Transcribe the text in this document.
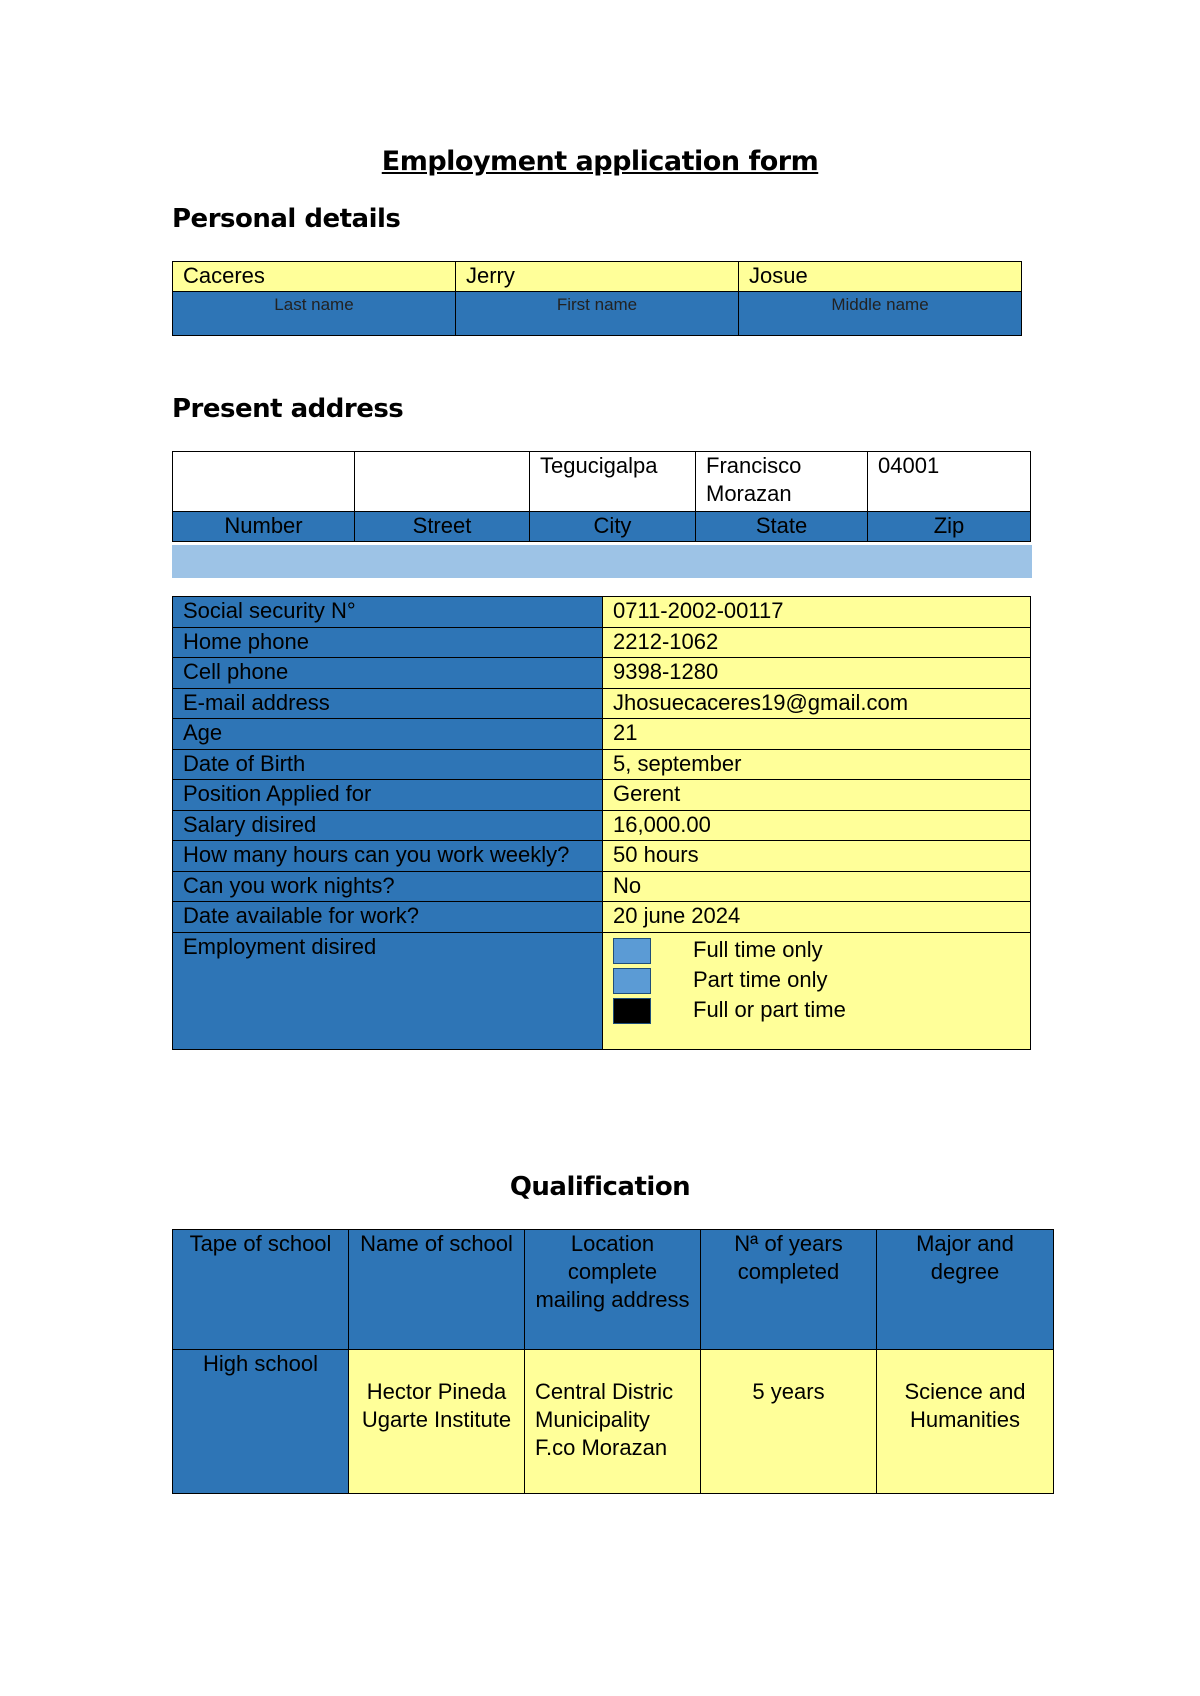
Employment application form
Personal details
Caceres	Jerry	Josue
Last name	First name	Middle name
Present address
		Tegucigalpa	Francisco Morazan	04001
Number	Street	City	State	Zip
Social security N°	0711-2002-00117
Home phone	2212-1062
Cell phone	9398-1280
E-mail address	Jhosuecaceres19@gmail.com
Age	21
Date of Birth	5, september
Position Applied for	Gerent
Salary disired	16,000.00
How many hours can you work weekly?	50 hours
Can you work nights?	No
Date available for work?	20 june 2024
Employment disired	Full time only
Part time only
Full or part time
Qualification
Tape of school	Name of school	Location complete mailing address	Nª of years completed	Major and degree
High school	Hector Pineda Ugarte Institute	Central Distric Municipality F.co Morazan	5 years	Science and Humanities
